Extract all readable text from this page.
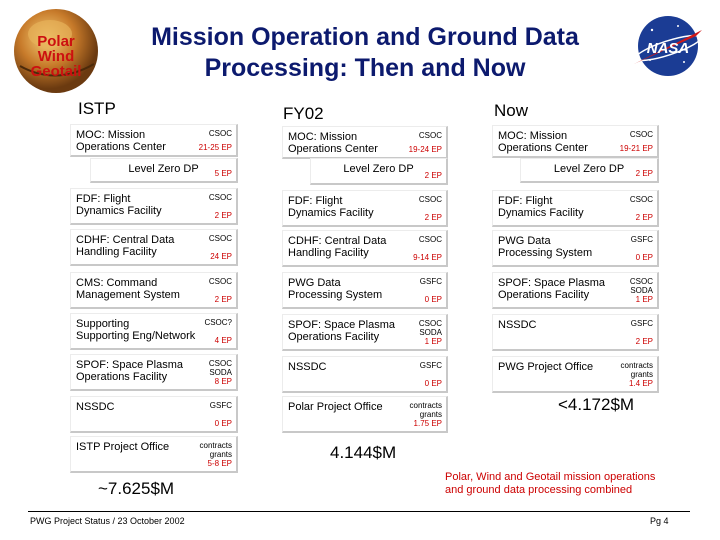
Polar
Wind
Geotail
Mission Operation and Ground Data
Processing: Then and Now
NASA
ISTP	FY02	Now
MOC: Mission
Operations Center
CSOC
21-25 EP
Level Zero DP	5 EP
FDF: Flight
Dynamics Facility
CSOC
2 EP
CDHF: Central Data
Handling Facility
CSOC
24 EP
CMS: Command
Management System
CSOC
2 EP
Supporting
Supporting Eng/Network
CSOC?
4 EP
SPOF: Space Plasma
Operations Facility
CSOC
SODA
8 EP
NSSDC	GSFC
0 EP
ISTP Project Office	contracts
grants
5-8 EP
MOC: Mission
Operations Center
CSOC
19-24 EP
Level Zero DP
2 EP
FDF: Flight
Dynamics Facility
CSOC
2 EP
CDHF: Central Data
Handling Facility
CSOC
9-14 EP
PWG Data
Processing System
GSFC
0 EP
SPOF: Space Plasma
Operations Facility
CSOC
SODA
1 EP
NSSDC	GSFC
0 EP
Polar Project Office	contracts
grants
1.75 EP
MOC: Mission
Operations Center
CSOC
19-21 EP
Level Zero DP	2 EP
FDF: Flight
Dynamics Facility
CSOC
2 EP
PWG Data
Processing System
GSFC
0 EP
SPOF: Space Plasma
Operations Facility
CSOC
SODA
1 EP
NSSDC	GSFC
2 EP
PWG Project Office	contracts
grants
1.4 EP
~7.625$M
4.144$M
<4.172$M
Polar, Wind and Geotail mission operations
and ground data processing combined
PWG Project Status / 23 October 2002	Pg 4
